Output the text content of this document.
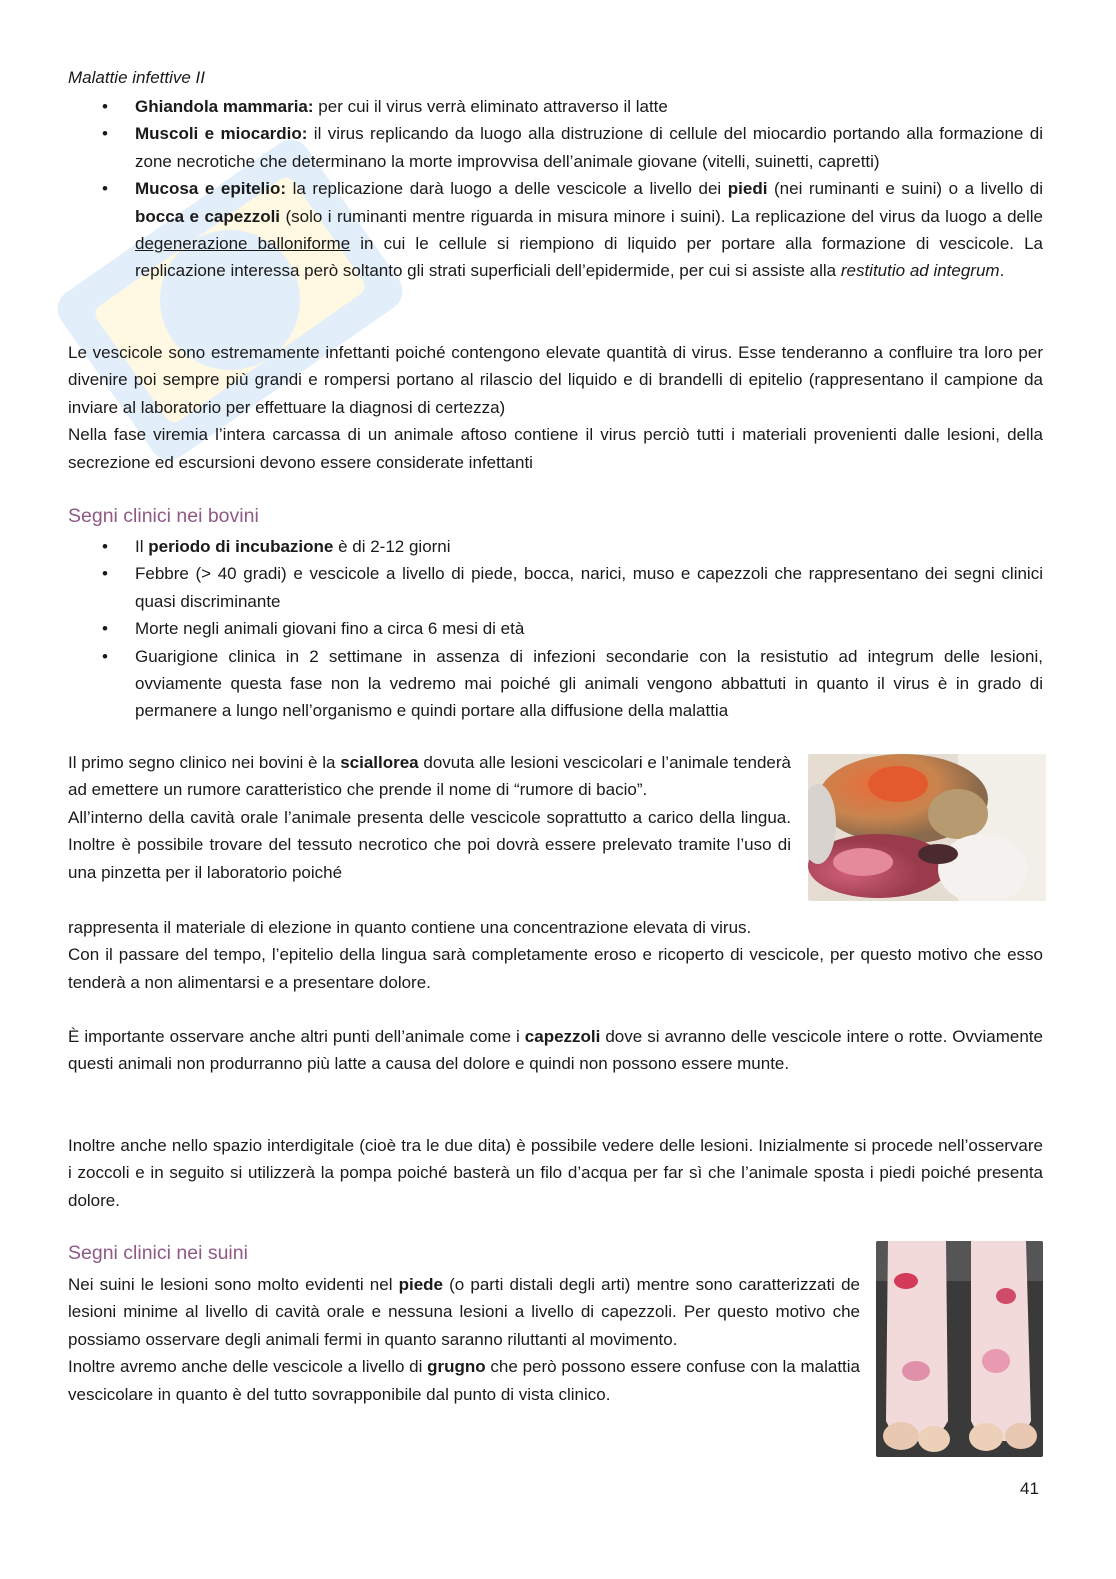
Malattie infettive II
• Ghiandola mammaria: per cui il virus verrà eliminato attraverso il latte
• Muscoli e miocardio: il virus replicando da luogo alla distruzione di cellule del miocardio portando alla formazione di zone necrotiche che determinano la morte improvvisa dell’animale giovane (vitelli, suinetti, capretti)
• Mucosa e epitelio: la replicazione darà luogo a delle vescicole a livello dei piedi (nei ruminanti e suini) o a livello di bocca e capezzoli (solo i ruminanti mentre riguarda in misura minore i suini). La replicazione del virus da luogo a delle degenerazione balloniforme in cui le cellule si riempiono di liquido per portare alla formazione di vescicole. La replicazione interessa però soltanto gli strati superficiali dell’epidermide, per cui si assiste alla restitutio ad integrum.

Le vescicole sono estremamente infettanti poiché contengono elevate quantità di virus. Esse tenderanno a confluire tra loro per divenire poi sempre più grandi e rompersi portano al rilascio del liquido e di brandelli di epitelio (rappresentano il campione da inviare al laboratorio per effettuare la diagnosi di certezza)

Nella fase viremia l’intera carcassa di un animale aftoso contiene il virus perciò tutti i materiali provenienti dalle lesioni, della secrezione ed escursioni devono essere considerate infettanti

Segni clinici nei bovini
• Il periodo di incubazione è di 2-12 giorni
• Febbre (> 40 gradi) e vescicole a livello di piede, bocca, narici, muso e capezzoli che rappresentano dei segni clinici quasi discriminante
• Morte negli animali giovani fino a circa 6 mesi di età
• Guarigione clinica in 2 settimane in assenza di infezioni secondarie con la resistutio ad integrum delle lesioni, ovviamente questa fase non la vedremo mai poiché gli animali vengono abbattuti in quanto il virus è in grado di permanere a lungo nell’organismo e quindi portare alla diffusione della malattia

Il primo segno clinico nei bovini è la sciallorea dovuta alle lesioni vescicolari e l’animale tenderà ad emettere un rumore caratteristico che prende il nome di “rumore di bacio”.

All’interno della cavità orale l’animale presenta delle vescicole soprattutto a carico della lingua. Inoltre è possibile trovare del tessuto necrotico che poi dovrà essere prelevato tramite l’uso di una pinzetta per il laboratorio poiché

rappresenta il materiale di elezione in quanto contiene una concentrazione elevata di virus.

Con il passare del tempo, l’epitelio della lingua sarà completamente eroso e ricoperto di vescicole, per questo motivo che esso tenderà a non alimentarsi e a presentare dolore.

È importante osservare anche altri punti dell’animale come i capezzoli dove si avranno delle vescicole intere o rotte. Ovviamente questi animali non produrranno più latte a causa del dolore e quindi non possono essere munte.

Inoltre anche nello spazio interdigitale (cioè tra le due dita) è possibile vedere delle lesioni. Inizialmente si procede nell’osservare i zoccoli e in seguito si utilizzerà la pompa poiché basterà un filo d’acqua per far sì che l’animale sposta i piedi poiché presenta dolore.

Segni clinici nei suini

Nei suini le lesioni sono molto evidenti nel piede (o parti distali degli arti) mentre sono caratterizzati de lesioni minime al livello di cavità orale e nessuna lesioni a livello di capezzoli. Per questo motivo che possiamo osservare degli animali fermi in quanto saranno riluttanti al movimento.

Inoltre avremo anche delle vescicole a livello di grugno che però possono essere confuse con la malattia vescicolare in quanto è del tutto sovrapponibile dal punto di vista clinico.

41
